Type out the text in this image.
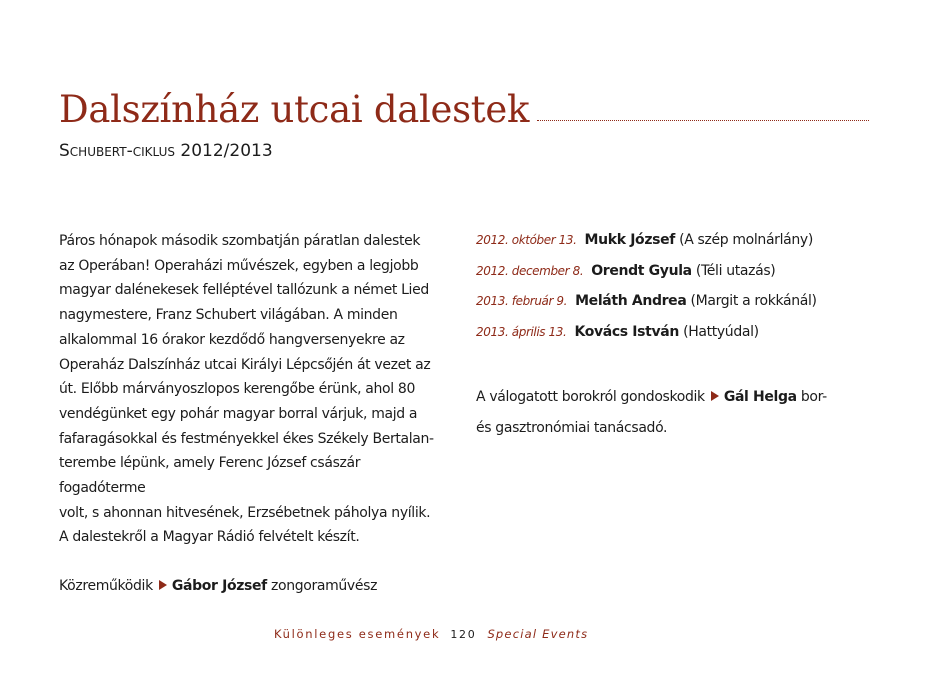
Dalszínház utcai dalestek
Schubert-ciklus 2012/2013

Páros hónapok második szombatján páratlan dalestek
az Operában! Operaházi művészek, egyben a legjobb
magyar dalénekesek felléptével tallózunk a német Lied
nagymestere, Franz Schubert világában. A minden
alkalommal 16 órakor kezdődő hangversenyekre az
Operaház Dalszínház utcai Királyi Lépcsőjén át vezet az
út. Előbb márványoszlopos kerengőbe érünk, ahol 80
vendégünket egy pohár magyar borral várjuk, majd a
fafaragásokkal és festményekkel ékes Székely Bertalan-
terembe lépünk, amely Ferenc József császár fogadóterme
volt, s ahonnan hitvesének, Erzsébetnek páholya nyílik.
A dalestekről a Magyar Rádió felvételt készít.

Közreműködik Gábor József zongoraművész

2012. október 13. Mukk József (A szép molnárlány)
2012. december 8. Orendt Gyula (Téli utazás)
2013. február 9. Meláth Andrea (Margit a rokkánál)
2013. április 13. Kovács István (Hattyúdal)
A válogatott borokról gondoskodik Gál Helga bor-
és gasztronómiai tanácsadó.
Különleges események 120 Special Events
